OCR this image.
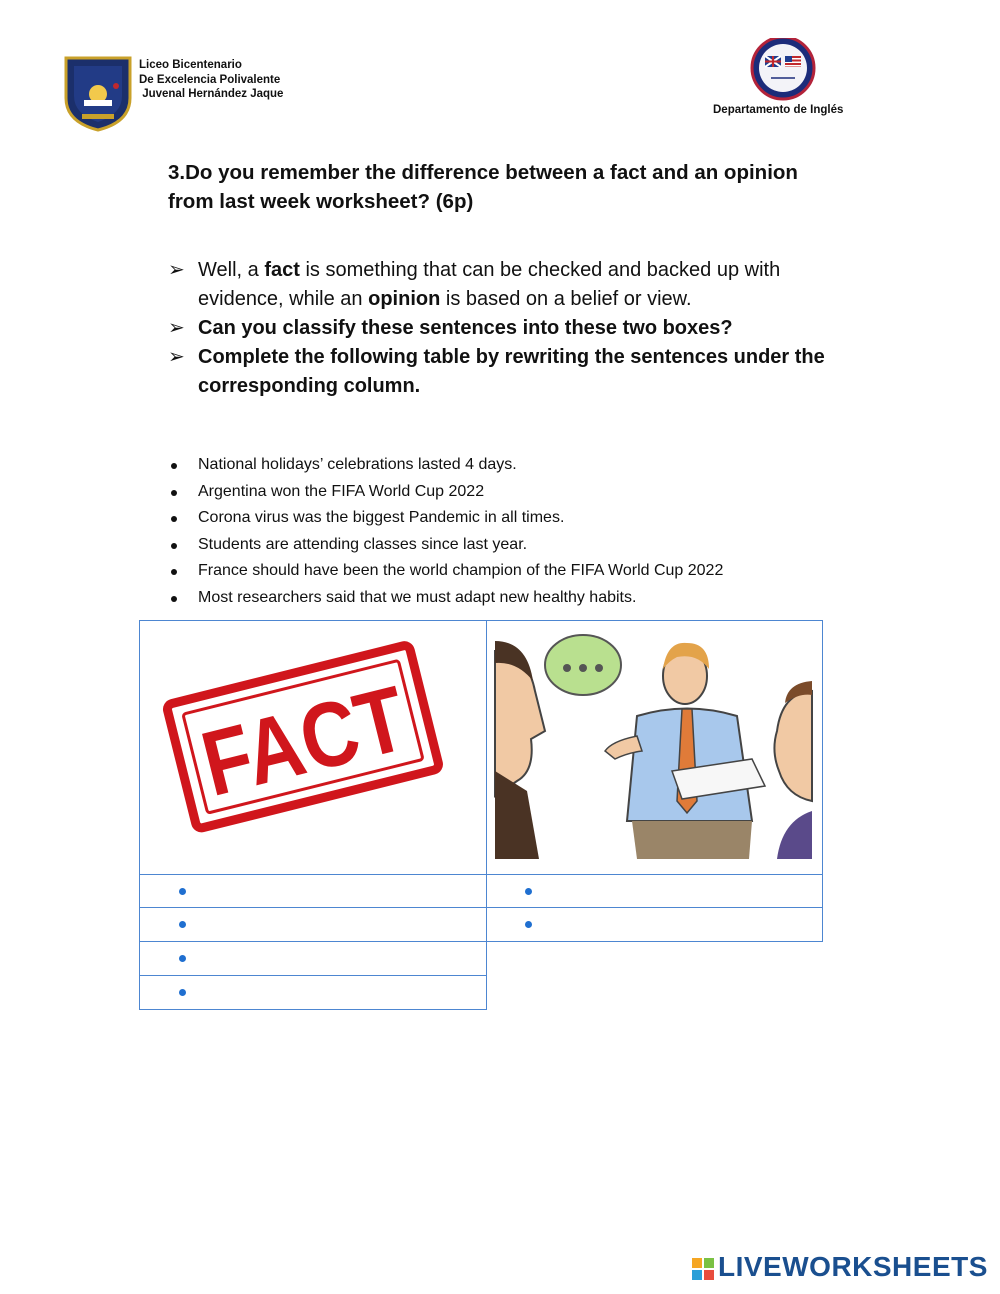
Liceo Bicentenario
De Excelencia Polivalente
Juvenal Hernández Jaque
Departamento de Inglés
3.Do you remember the difference between a fact and an opinion from last week worksheet? (6p)
➢ Well, a fact is something that can be checked and backed up with evidence, while an opinion is based on a belief or view.
➢ Can you classify these sentences into these two boxes?
➢ Complete the following table by rewriting the sentences under the corresponding column.
National holidays’ celebrations lasted 4 days.
Argentina won the FIFA World Cup 2022
Corona virus was the biggest Pandemic in all times.
Students are attending classes since last year.
France should have been the world champion of the FIFA World Cup 2022
Most researchers said that we must adapt new healthy habits.
FACT
LIVEWORKSHEETS
